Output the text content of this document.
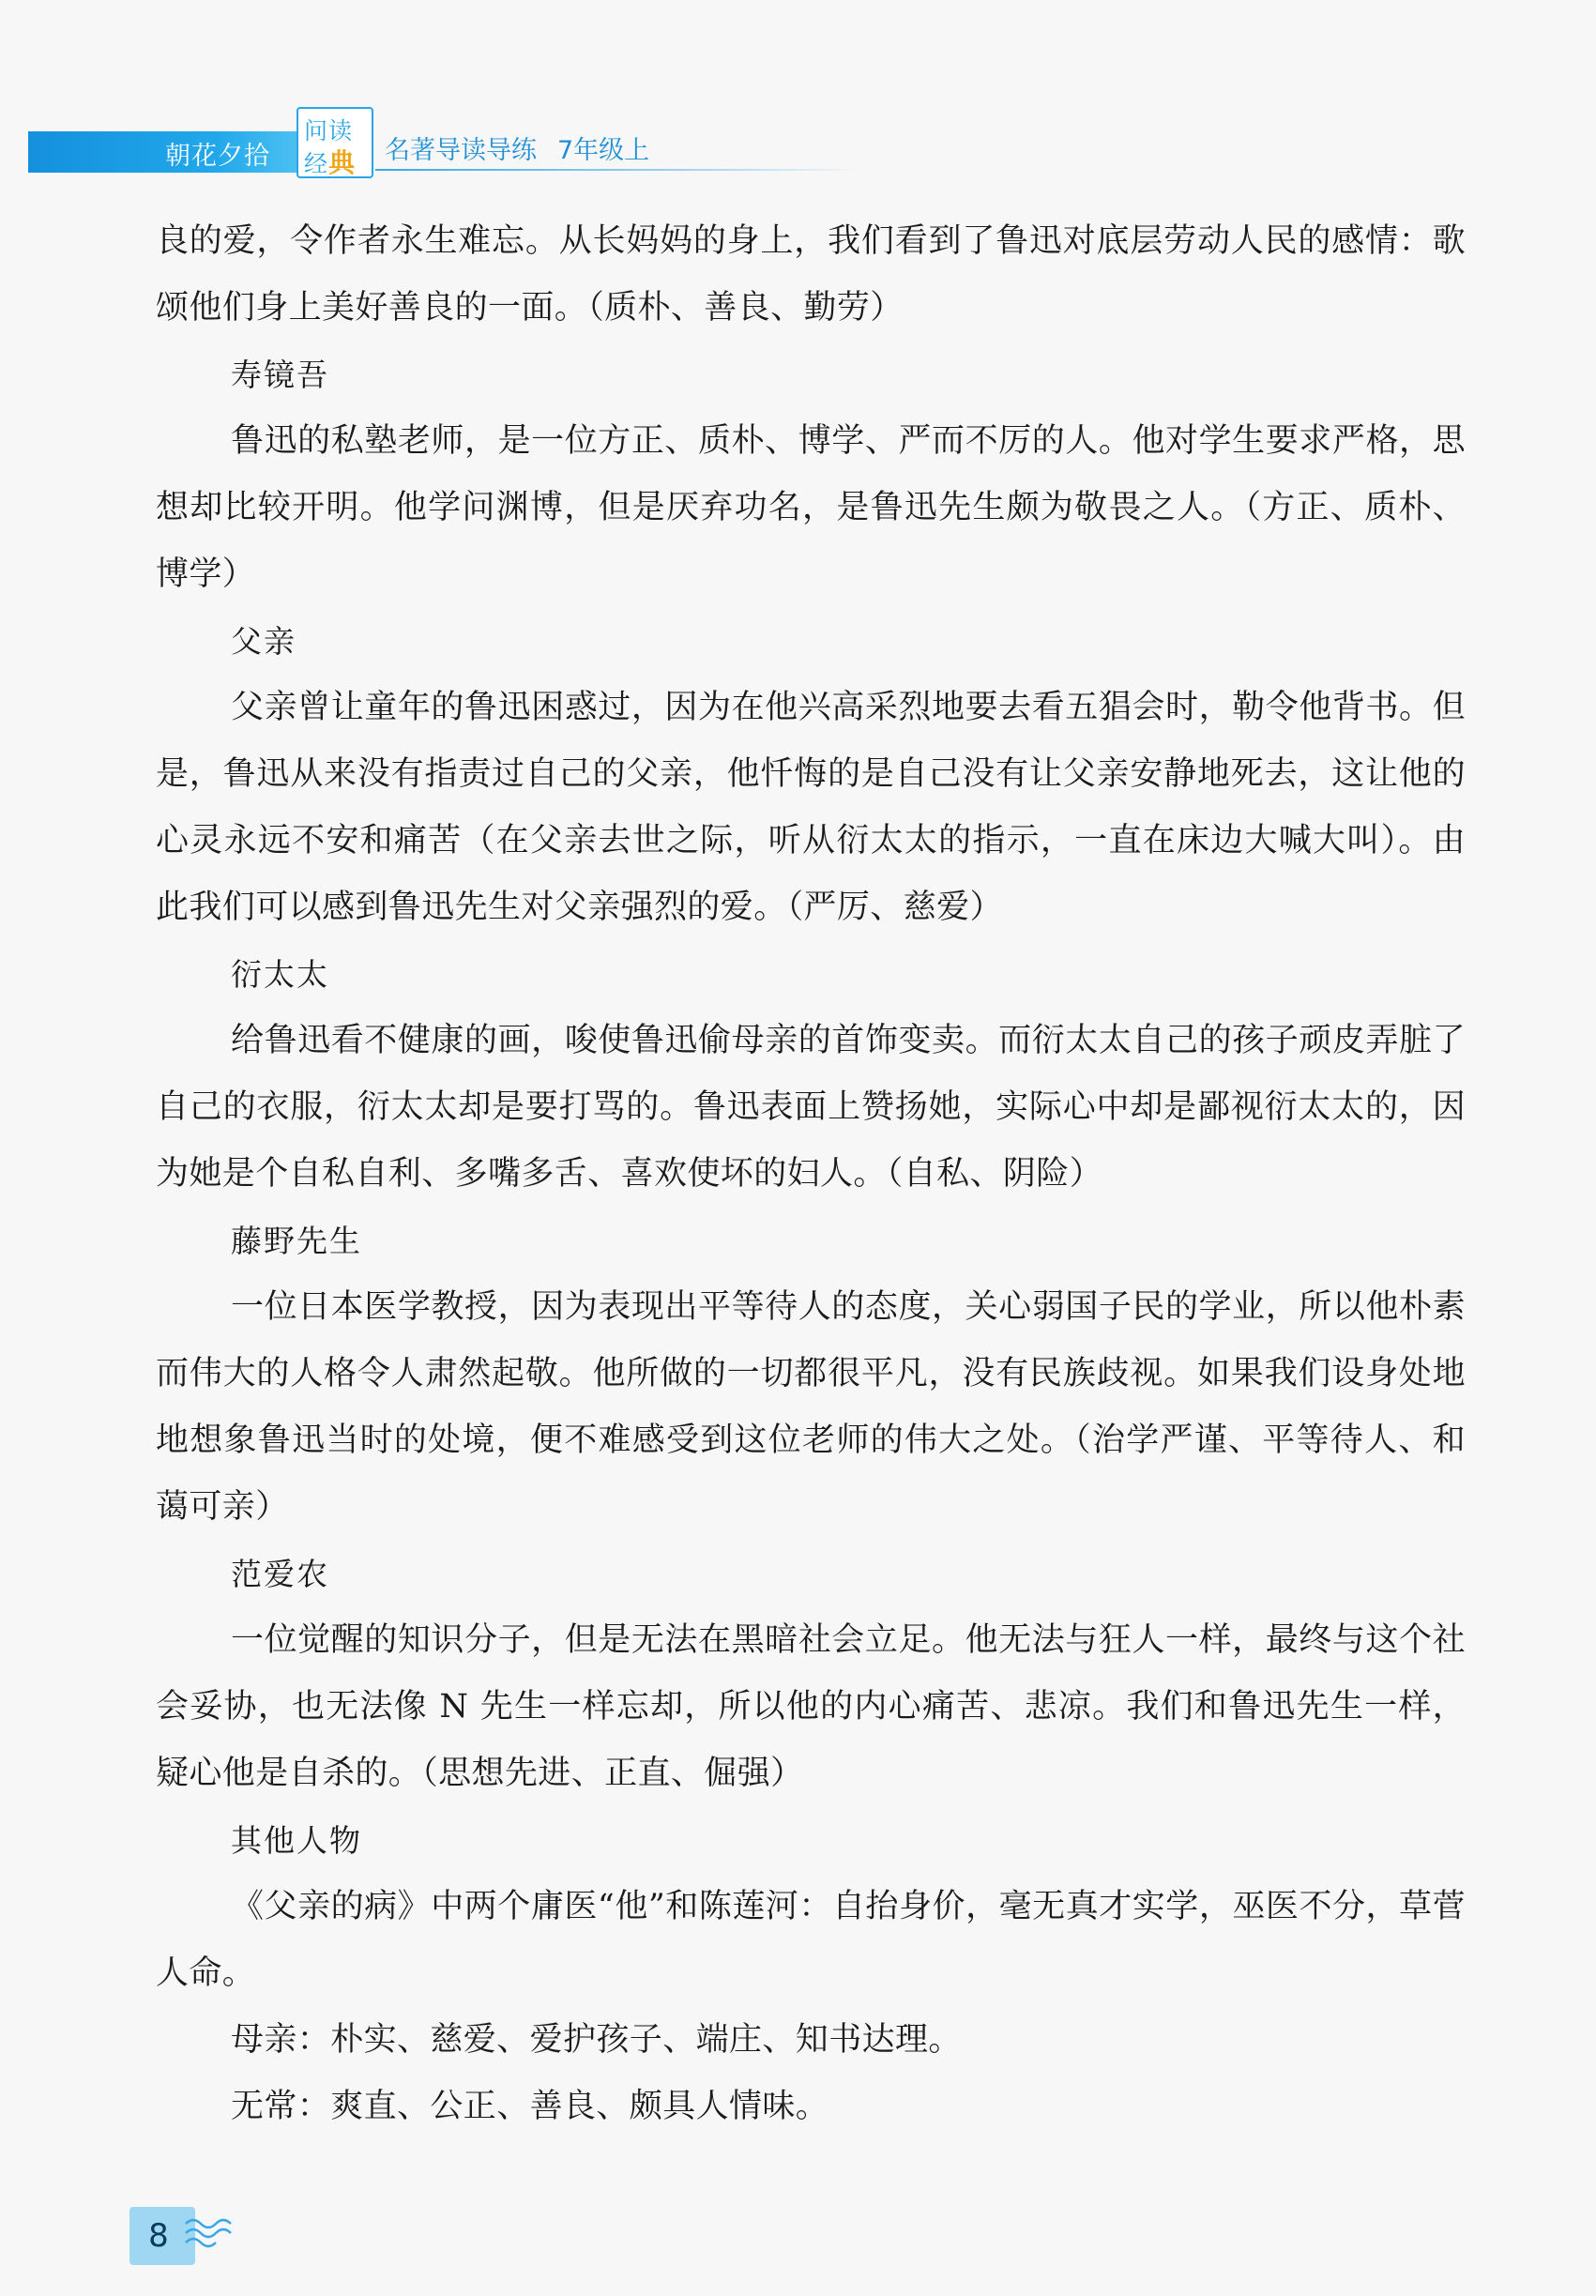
朝花夕拾
问读
经典 名著导读导练 7年级上

良的爱，令作者永生难忘。从长妈妈的身上，我们看到了鲁迅对底层劳动人民的感情：歌颂他们身上美好善良的一面。（质朴、善良、勤劳）

寿镜吾

鲁迅的私塾老师，是一位方正、质朴、博学、严而不厉的人。他对学生要求严格，思想却比较开明。他学问渊博，但是厌弃功名，是鲁迅先生颇为敬畏之人。（方正、质朴、博学）

父亲

父亲曾让童年的鲁迅困惑过，因为在他兴高采烈地要去看五猖会时，勒令他背书。但是，鲁迅从来没有指责过自己的父亲，他忏悔的是自己没有让父亲安静地死去，这让他的心灵永远不安和痛苦（在父亲去世之际，听从衍太太的指示，一直在床边大喊大叫）。由此我们可以感到鲁迅先生对父亲强烈的爱。（严厉、慈爱）

衍太太

给鲁迅看不健康的画，唆使鲁迅偷母亲的首饰变卖。而衍太太自己的孩子顽皮弄脏了自己的衣服，衍太太却是要打骂的。鲁迅表面上赞扬她，实际心中却是鄙视衍太太的，因为她是个自私自利、多嘴多舌、喜欢使坏的妇人。（自私、阴险）

藤野先生

一位日本医学教授，因为表现出平等待人的态度，关心弱国子民的学业，所以他朴素而伟大的人格令人肃然起敬。他所做的一切都很平凡，没有民族歧视。如果我们设身处地地想象鲁迅当时的处境，便不难感受到这位老师的伟大之处。（治学严谨、平等待人、和蔼可亲）

范爱农

一位觉醒的知识分子，但是无法在黑暗社会立足。他无法与狂人一样，最终与这个社会妥协，也无法像 N 先生一样忘却，所以他的内心痛苦、悲凉。我们和鲁迅先生一样，疑心他是自杀的。（思想先进、正直、倔强）

其他人物

《父亲的病》中两个庸医“他”和陈莲河：自抬身价，毫无真才实学，巫医不分，草菅人命。

母亲：朴实、慈爱、爱护孩子、端庄、知书达理。

无常：爽直、公正、善良、颇具人情味。

8
